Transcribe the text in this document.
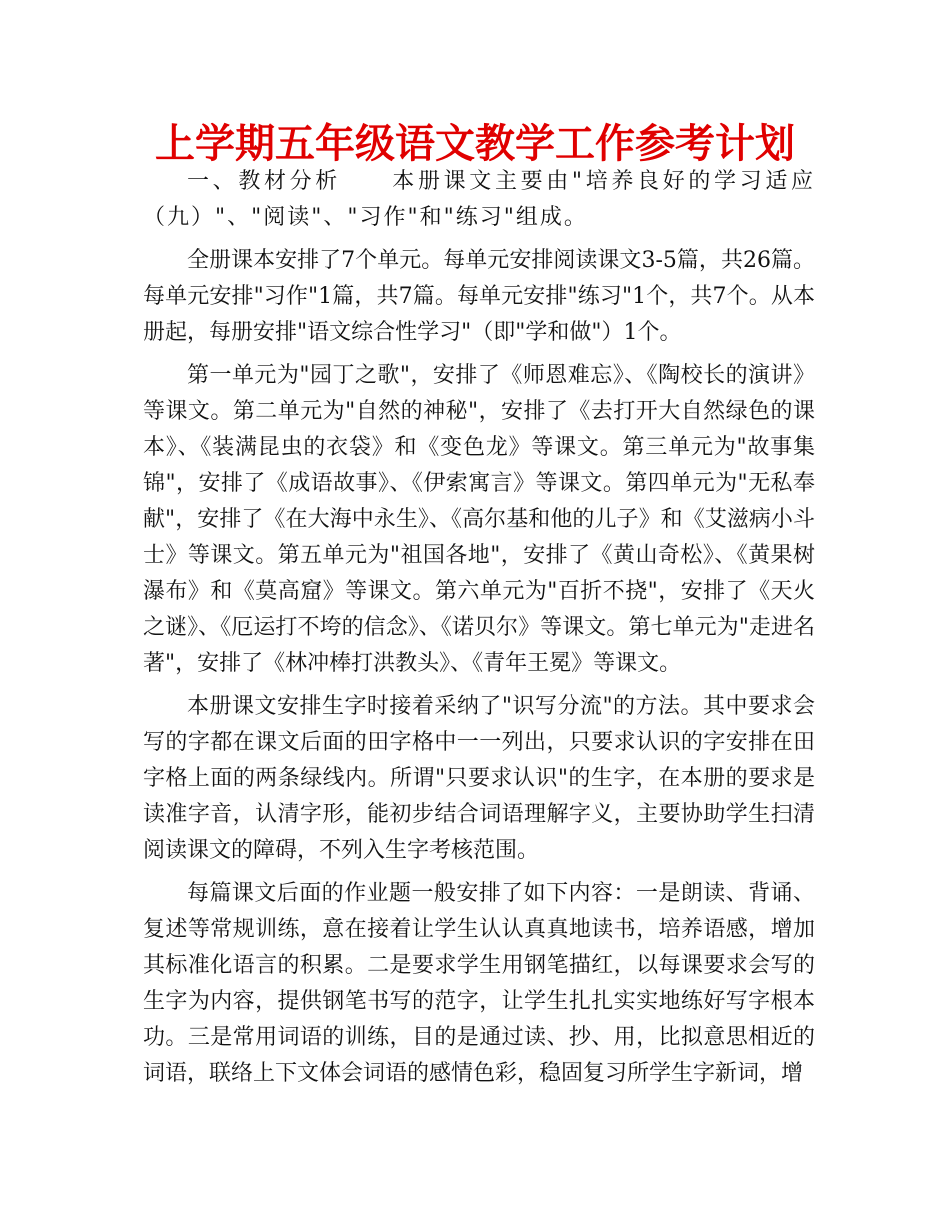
上学期五年级语文教学工作参考计划

一、教材分析　　本册课文主要由"培养良好的学习适应（九）"、"阅读"、"习作"和"练习"组成。

全册课本安排了7个单元。每单元安排阅读课文3-5篇，共26篇。每单元安排"习作"1篇，共7篇。每单元安排"练习"1个，共7个。从本册起，每册安排"语文综合性学习"（即"学和做"）1个。

第一单元为"园丁之歌"，安排了《师恩难忘》、《陶校长的演讲》等课文。第二单元为"自然的神秘"，安排了《去打开大自然绿色的课本》、《装满昆虫的衣袋》和《变色龙》等课文。第三单元为"故事集锦"，安排了《成语故事》、《伊索寓言》等课文。第四单元为"无私奉献"，安排了《在大海中永生》、《高尔基和他的儿子》和《艾滋病小斗士》等课文。第五单元为"祖国各地"，安排了《黄山奇松》、《黄果树瀑布》和《莫高窟》等课文。第六单元为"百折不挠"，安排了《天火之谜》、《厄运打不垮的信念》、《诺贝尔》等课文。第七单元为"走进名著"，安排了《林冲棒打洪教头》、《青年王冕》等课文。

本册课文安排生字时接着采纳了"识写分流"的方法。其中要求会写的字都在课文后面的田字格中一一列出，只要求认识的字安排在田字格上面的两条绿线内。所谓"只要求认识"的生字，在本册的要求是读准字音，认清字形，能初步结合词语理解字义，主要协助学生扫清阅读课文的障碍，不列入生字考核范围。

每篇课文后面的作业题一般安排了如下内容：一是朗读、背诵、复述等常规训练，意在接着让学生认认真真地读书，培养语感，增加其标准化语言的积累。二是要求学生用钢笔描红，以每课要求会写的生字为内容，提供钢笔书写的范字，让学生扎扎实实地练好写字根本功。三是常用词语的训练，目的是通过读、抄、用，比拟意思相近的词语，联络上下文体会词语的感情色彩，稳固复习所学生字新词，增
